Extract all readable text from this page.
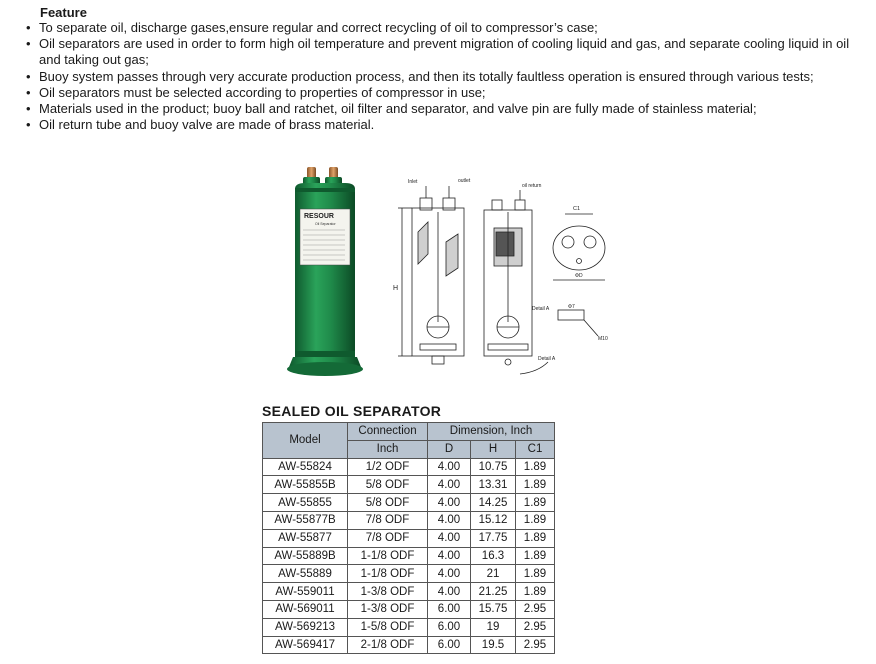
Feature
• To separate oil, discharge gases,ensure regular and correct recycling of oil to compressor’s case;
• Oil separators are used in order to form high oil temperature and prevent migration of cooling liquid and gas, and separate cooling liquid in oil and taking out gas;
• Buoy system passes through very accurate production process, and then its totally faultless operation is ensured through various tests;
• Oil separators must be selected according to properties of compressor in use;
• Materials used in the product; buoy ball and ratchet, oil filter and separator, and valve pin are fully made of stainless material;
• Oil return tube and buoy valve are made of brass material.
RESOUR
Oil Separator
H
Inlet	outlet
oil return
C1
ΦD
Detail A	Φ7
M10
Detail A
SEALED OIL SEPARATOR
Model	Connection	Dimension, Inch		
	Inch	D	H	C1
AW-55824	1/2 ODF	4.00	10.75	1.89
AW-55855B	5/8 ODF	4.00	13.31	1.89
AW-55855	5/8 ODF	4.00	14.25	1.89
AW-55877B	7/8 ODF	4.00	15.12	1.89
AW-55877	7/8 ODF	4.00	17.75	1.89
AW-55889B	1-1/8 ODF	4.00	16.3	1.89
AW-55889	1-1/8 ODF	4.00	21	1.89
AW-559011	1-3/8 ODF	4.00	21.25	1.89
AW-569011	1-3/8 ODF	6.00	15.75	2.95
AW-569213	1-5/8 ODF	6.00	19	2.95
AW-569417	2-1/8 ODF	6.00	19.5	2.95
